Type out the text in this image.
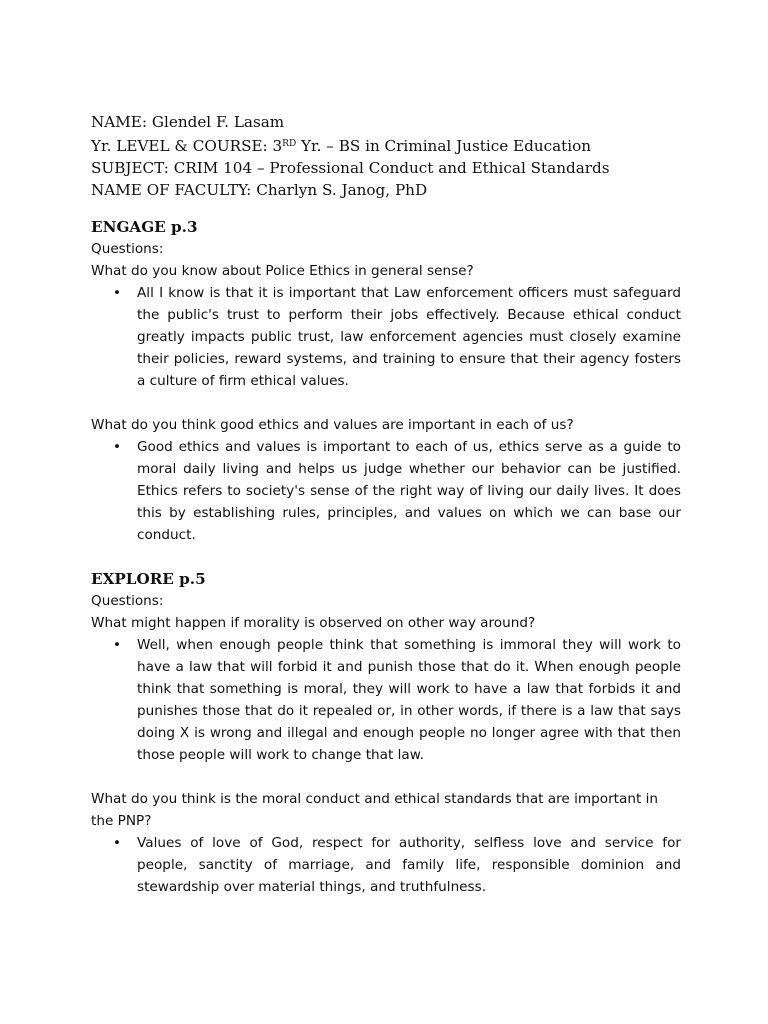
NAME: Glendel F. Lasam

Yr. LEVEL & COURSE: 3RD Yr. – BS in Criminal Justice Education

SUBJECT: CRIM 104 – Professional Conduct and Ethical Standards

NAME OF FACULTY: Charlyn S. Janog, PhD

ENGAGE p.3

Questions:

What do you know about Police Ethics in general sense?

• All I know is that it is important that Law enforcement officers must safeguard the public's trust to perform their jobs effectively. Because ethical conduct greatly impacts public trust, law enforcement agencies must closely examine their policies, reward systems, and training to ensure that their agency fosters a culture of firm ethical values.

What do you think good ethics and values are important in each of us?

• Good ethics and values is important to each of us, ethics serve as a guide to moral daily living and helps us judge whether our behavior can be justified. Ethics refers to society's sense of the right way of living our daily lives. It does this by establishing rules, principles, and values on which we can base our conduct.
EXPLORE p.5

Questions:

What might happen if morality is observed on other way around?

• Well, when enough people think that something is immoral they will work to have a law that will forbid it and punish those that do it. When enough people think that something is moral, they will work to have a law that forbids it and punishes those that do it repealed or, in other words, if there is a law that says doing X is wrong and illegal and enough people no longer agree with that then those people will work to change that law.

What do you think is the moral conduct and ethical standards that are important in the PNP?

• Values of love of God, respect for authority, selfless love and service for people, sanctity of marriage, and family life, responsible dominion and stewardship over material things, and truthfulness.
